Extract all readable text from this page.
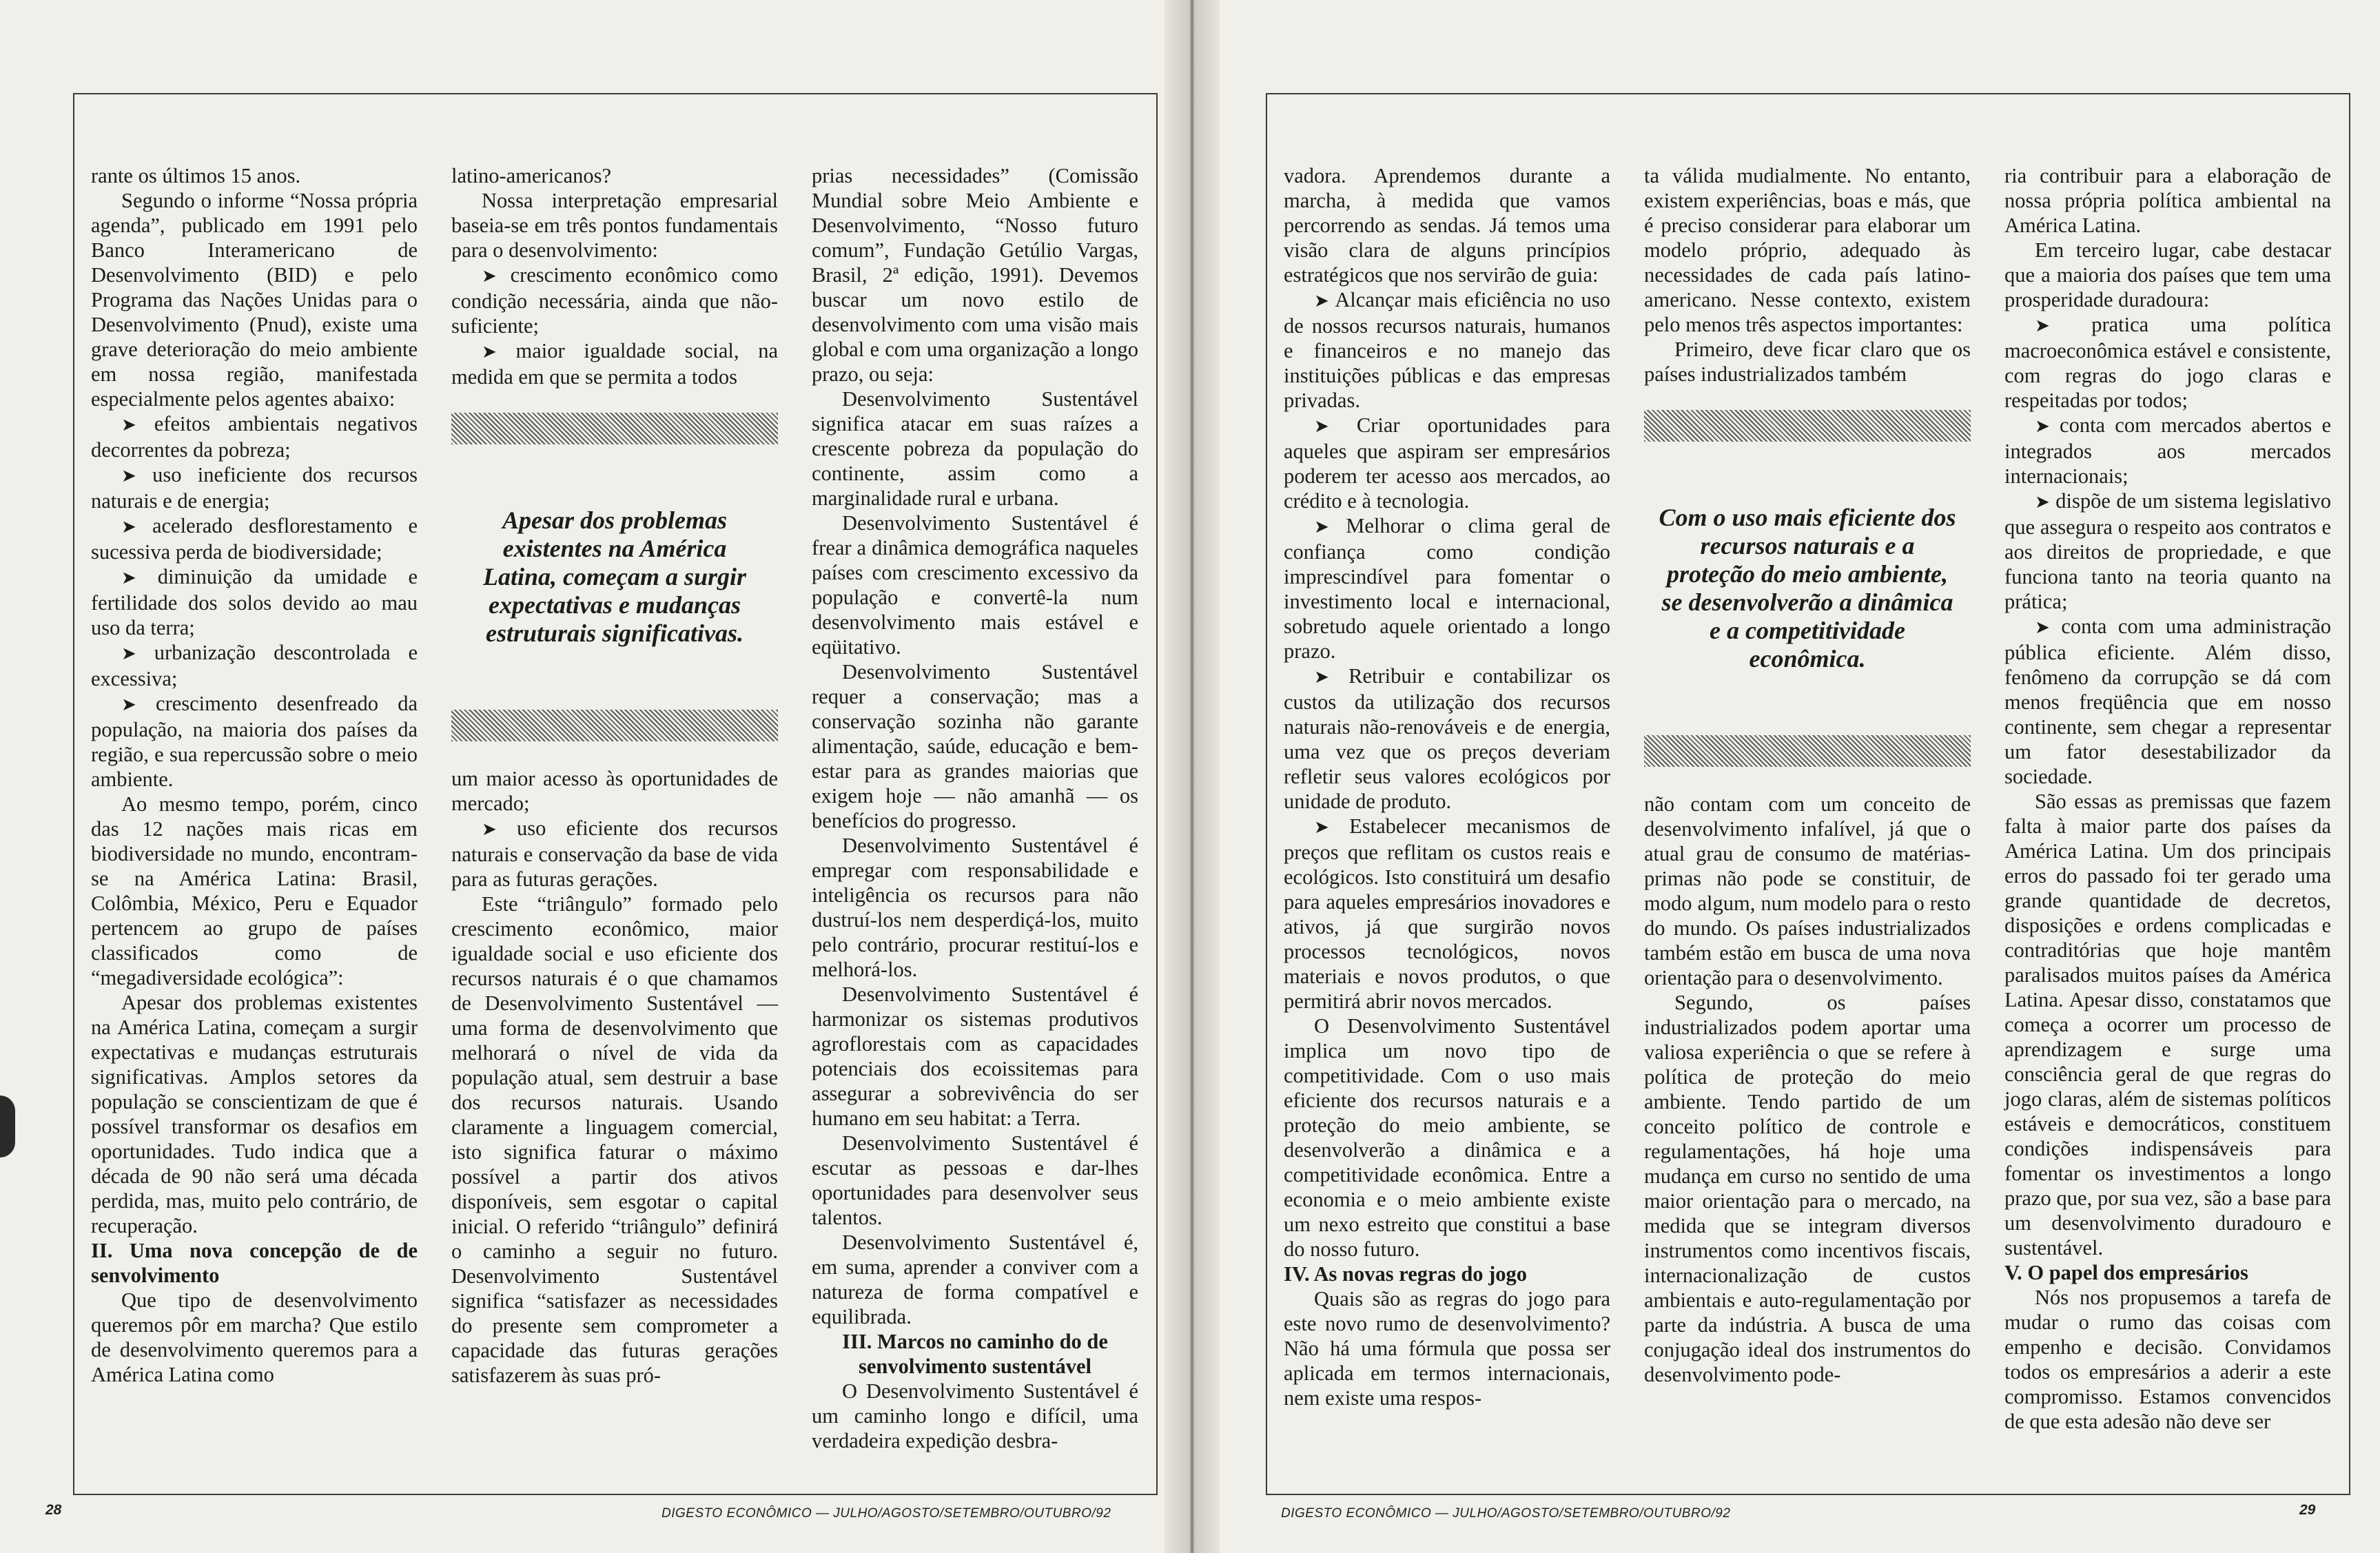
rante os últimos 15 anos.

Segundo o informe “Nossa própria agenda”, publicado em 1991 pelo Banco Interamericano de Desenvolvimento (BID) e pelo Programa das Nações Unidas para o Desenvolvimento (Pnud), existe uma grave deterioração do meio ambiente em nossa região, manifestada especialmente pelos agentes abaixo:

➤ efeitos ambientais negativos decorrentes da pobreza;

➤ uso ineficiente dos recursos naturais e de energia;

➤ acelerado desflorestamento e sucessiva perda de biodiversidade;

➤ diminuição da umidade e fertilidade dos solos devido ao mau uso da terra;

➤ urbanização descontrolada e excessiva;

➤ crescimento desenfreado da população, na maioria dos países da região, e sua repercussão sobre o meio ambiente.

Ao mesmo tempo, porém, cinco das 12 nações mais ricas em biodiversidade no mundo, encontram-se na América Latina: Brasil, Colômbia, México, Peru e Equador pertencem ao grupo de países classificados como de “megadiversidade ecológica”:

Apesar dos problemas existentes na América Latina, começam a surgir expectativas e mudanças estruturais significativas. Amplos setores da população se conscientizam de que é possível transformar os desafios em oportunidades. Tudo indica que a década de 90 não será uma década perdida, mas, muito pelo contrário, de recuperação.

II. Uma nova concepção de de senvolvimento

Que tipo de desenvolvimento queremos pôr em marcha? Que estilo de desenvolvimento queremos para a América Latina como

latino-americanos?

Nossa interpretação empresarial baseia-se em três pontos fundamentais para o desenvolvimento:

➤ crescimento econômico como condição necessária, ainda que não-suficiente;

➤ maior igualdade social, na medida em que se permita a todos

Apesar dos problemas existentes na América Latina, começam a surgir expectativas e mudanças estruturais significativas.

um maior acesso às oportunidades de mercado;

➤ uso eficiente dos recursos naturais e conservação da base de vida para as futuras gerações.

Este “triângulo” formado pelo crescimento econômico, maior igualdade social e uso eficiente dos recursos naturais é o que chamamos de Desenvolvimento Sustentável — uma forma de desenvolvimento que melhorará o nível de vida da população atual, sem destruir a base dos recursos naturais. Usando claramente a linguagem comercial, isto significa faturar o máximo possível a partir dos ativos disponíveis, sem esgotar o capital inicial. O referido “triângulo” definirá o caminho a seguir no futuro. Desenvolvimento Sustentável significa “satisfazer as necessidades do presente sem comprometer a capacidade das futuras gerações satisfazerem às suas pró-

prias necessidades” (Comissão Mundial sobre Meio Ambiente e Desenvolvimento, “Nosso futuro comum”, Fundação Getúlio Vargas, Brasil, 2ª edição, 1991). Devemos buscar um novo estilo de desenvolvimento com uma visão mais global e com uma organização a longo prazo, ou seja:

Desenvolvimento Sustentável significa atacar em suas raízes a crescente pobreza da população do continente, assim como a marginalidade rural e urbana.

Desenvolvimento Sustentável é frear a dinâmica demográfica naqueles países com crescimento excessivo da população e convertê-la num desenvolvimento mais estável e eqüitativo.

Desenvolvimento Sustentável requer a conservação; mas a conservação sozinha não garante alimentação, saúde, educação e bem-estar para as grandes maiorias que exigem hoje — não amanhã — os benefícios do progresso.

Desenvolvimento Sustentável é empregar com responsabilidade e inteligência os recursos para não dustruí-los nem desperdiçá-los, muito pelo contrário, procurar restituí-los e melhorá-los.

Desenvolvimento Sustentável é harmonizar os sistemas produtivos agroflorestais com as capacidades potenciais dos ecoissitemas para assegurar a sobrevivência do ser humano em seu habitat: a Terra.

Desenvolvimento Sustentável é escutar as pessoas e dar-lhes oportunidades para desenvolver seus talentos.

Desenvolvimento Sustentável é, em suma, aprender a conviver com a natureza de forma compatível e equilibrada.

III. Marcos no caminho do de senvolvimento sustentável

O Desenvolvimento Sustentável é um caminho longo e difícil, uma verdadeira expedição desbra-

28	DIGESTO ECONÔMICO — JULHO/AGOSTO/SETEMBRO/OUTUBRO/92

vadora. Aprendemos durante a marcha, à medida que vamos percorrendo as sendas. Já temos uma visão clara de alguns princípios estratégicos que nos servirão de guia:

➤ Alcançar mais eficiência no uso de nossos recursos naturais, humanos e financeiros e no manejo das instituições públicas e das empresas privadas.

➤ Criar oportunidades para aqueles que aspiram ser empresários poderem ter acesso aos mercados, ao crédito e à tecnologia.

➤ Melhorar o clima geral de confiança como condição imprescindível para fomentar o investimento local e internacional, sobretudo aquele orientado a longo prazo.

➤ Retribuir e contabilizar os custos da utilização dos recursos naturais não-renováveis e de energia, uma vez que os preços deveriam refletir seus valores ecológicos por unidade de produto.

➤ Estabelecer mecanismos de preços que reflitam os custos reais e ecológicos. Isto constituirá um desafio para aqueles empresários inovadores e ativos, já que surgirão novos processos tecnológicos, novos materiais e novos produtos, o que permitirá abrir novos mercados.

O Desenvolvimento Sustentável implica um novo tipo de competitividade. Com o uso mais eficiente dos recursos naturais e a proteção do meio ambiente, se desenvolverão a dinâmica e a competitividade econômica. Entre a economia e o meio ambiente existe um nexo estreito que constitui a base do nosso futuro.

IV. As novas regras do jogo

Quais são as regras do jogo para este novo rumo de desenvolvimento? Não há uma fórmula que possa ser aplicada em termos internacionais, nem existe uma respos-

ta válida mudialmente. No entanto, existem experiências, boas e más, que é preciso considerar para elaborar um modelo próprio, adequado às necessidades de cada país latino-americano. Nesse contexto, existem pelo menos três aspectos importantes:

Primeiro, deve ficar claro que os países industrializados também

Com o uso mais eficiente dos recursos naturais e a proteção do meio ambiente, se desenvolverão a dinâmica e a competitividade econômica.

não contam com um conceito de desenvolvimento infalível, já que o atual grau de consumo de matérias-primas não pode se constituir, de modo algum, num modelo para o resto do mundo. Os países industrializados também estão em busca de uma nova orientação para o desenvolvimento.

Segundo, os países industrializados podem aportar uma valiosa experiência o que se refere à política de proteção do meio ambiente. Tendo partido de um conceito político de controle e regulamentações, há hoje uma mudança em curso no sentido de uma maior orientação para o mercado, na medida que se integram diversos instrumentos como incentivos fiscais, internacionalização de custos ambientais e auto-regulamentação por parte da indústria. A busca de uma conjugação ideal dos instrumentos do desenvolvimento pode-

ria contribuir para a elaboração de nossa própria política ambiental na América Latina.

Em terceiro lugar, cabe destacar que a maioria dos países que tem uma prosperidade duradoura:

➤ pratica uma política macroeconômica estável e consistente, com regras do jogo claras e respeitadas por todos;

➤ conta com mercados abertos e integrados aos mercados internacionais;

➤ dispõe de um sistema legislativo que assegura o respeito aos contratos e aos direitos de propriedade, e que funciona tanto na teoria quanto na prática;

➤ conta com uma administração pública eficiente. Além disso, fenômeno da corrupção se dá com menos freqüência que em nosso continente, sem chegar a representar um fator desestabilizador da sociedade.

São essas as premissas que fazem falta à maior parte dos países da América Latina. Um dos principais erros do passado foi ter gerado uma grande quantidade de decretos, disposições e ordens complicadas e contraditórias que hoje mantêm paralisados muitos países da América Latina. Apesar disso, constatamos que começa a ocorrer um processo de aprendizagem e surge uma consciência geral de que regras do jogo claras, além de sistemas políticos estáveis e democráticos, constituem condições indispensáveis para fomentar os investimentos a longo prazo que, por sua vez, são a base para um desenvolvimento duradouro e sustentável.

V. O papel dos empresários

Nós nos propusemos a tarefa de mudar o rumo das coisas com empenho e decisão. Convidamos todos os empresários a aderir a este compromisso. Estamos convencidos de que esta adesão não deve ser

DIGESTO ECONÔMICO — JULHO/AGOSTO/SETEMBRO/OUTUBRO/92	29
